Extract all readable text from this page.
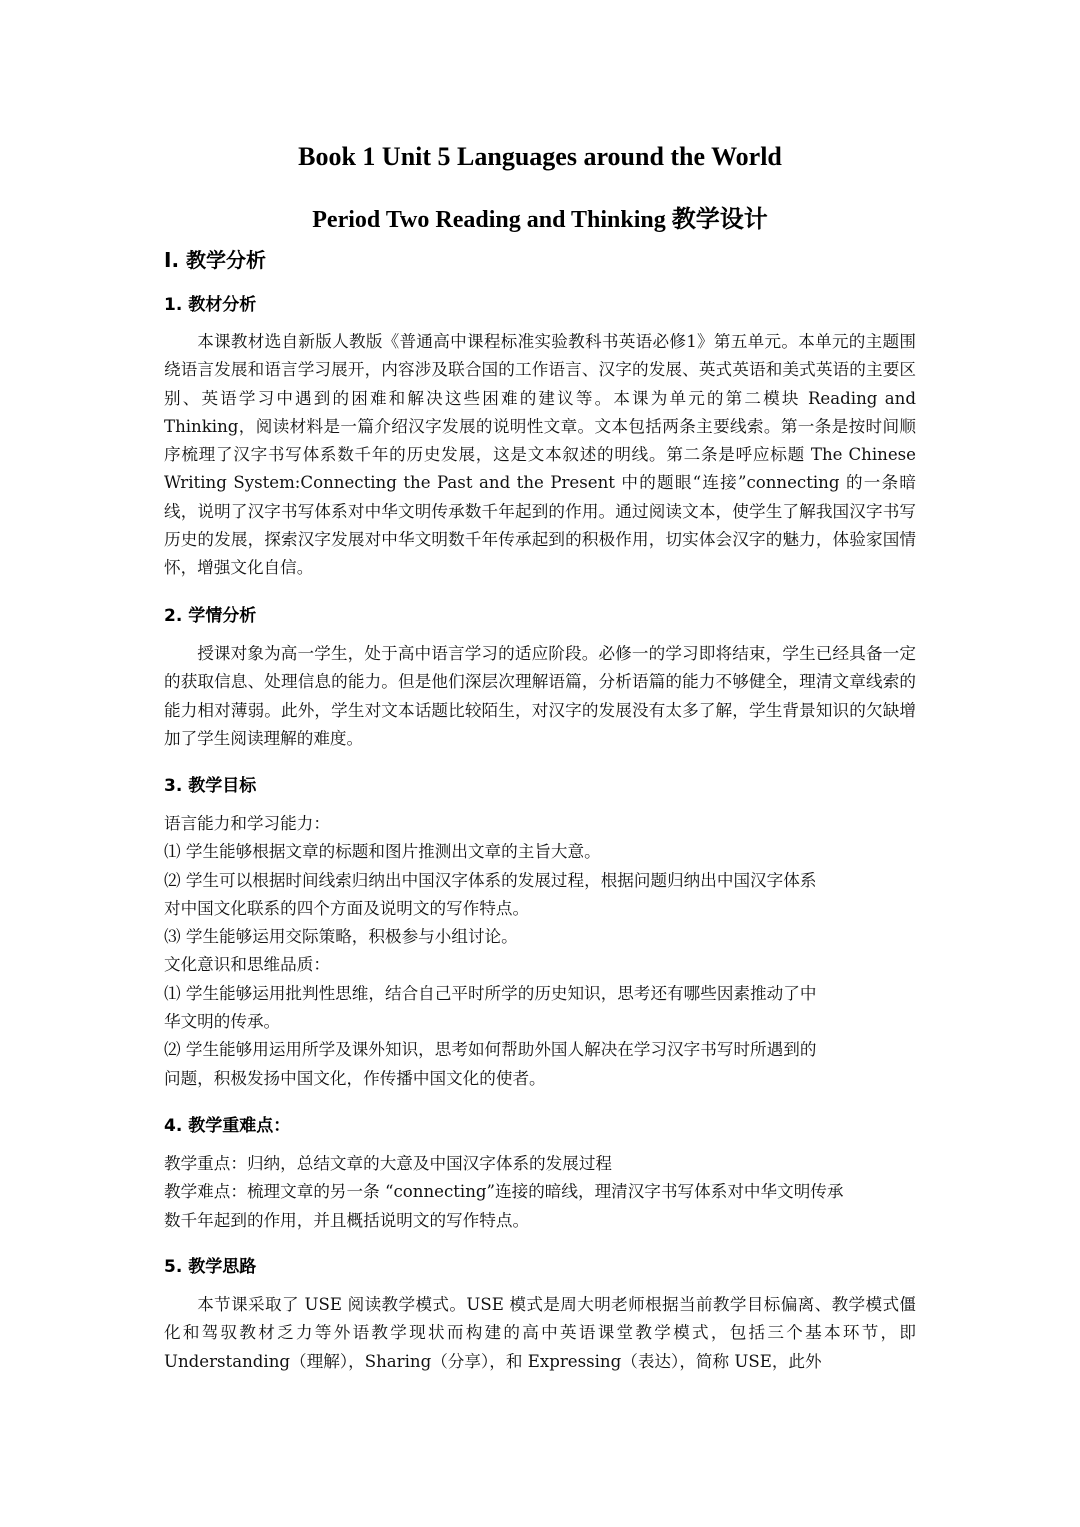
Book 1 Unit 5 Languages around the World
Period Two Reading and Thinking 教学设计
I. 教学分析
1. 教材分析

本课教材选自新版人教版《普通高中课程标准实验教科书英语必修1》第五单元。本单元的主题围绕语言发展和语言学习展开，内容涉及联合国的工作语言、汉字的发展、英式英语和美式英语的主要区别、英语学习中遇到的困难和解决这些困难的建议等。本课为单元的第二模块 Reading and Thinking，阅读材料是一篇介绍汉字发展的说明性文章。文本包括两条主要线索。第一条是按时间顺序梳理了汉字书写体系数千年的历史发展，这是文本叙述的明线。第二条是呼应标题 The Chinese Writing System:Connecting the Past and the Present 中的题眼“连接”connecting 的一条暗线，说明了汉字书写体系对中华文明传承数千年起到的作用。通过阅读文本，使学生了解我国汉字书写历史的发展，探索汉字发展对中华文明数千年传承起到的积极作用，切实体会汉字的魅力，体验家国情怀，增强文化自信。

2. 学情分析

授课对象为高一学生，处于高中语言学习的适应阶段。必修一的学习即将结束，学生已经具备一定的获取信息、处理信息的能力。但是他们深层次理解语篇，分析语篇的能力不够健全，理清文章线索的能力相对薄弱。此外，学生对文本话题比较陌生，对汉字的发展没有太多了解，学生背景知识的欠缺增加了学生阅读理解的难度。

3. 教学目标
语言能力和学习能力：
⑴ 学生能够根据文章的标题和图片推测出文章的主旨大意。
⑵ 学生可以根据时间线索归纳出中国汉字体系的发展过程，根据问题归纳出中国汉字体系
对中国文化联系的四个方面及说明文的写作特点。
⑶ 学生能够运用交际策略，积极参与小组讨论。
文化意识和思维品质：
⑴ 学生能够运用批判性思维，结合自己平时所学的历史知识，思考还有哪些因素推动了中
华文明的传承。
⑵ 学生能够用运用所学及课外知识，思考如何帮助外国人解决在学习汉字书写时所遇到的
问题，积极发扬中国文化，作传播中国文化的使者。
4. 教学重难点：
教学重点：归纳，总结文章的大意及中国汉字体系的发展过程
教学难点：梳理文章的另一条 “connecting”连接的暗线，理清汉字书写体系对中华文明传承
数千年起到的作用，并且概括说明文的写作特点。
5. 教学思路

本节课采取了 USE 阅读教学模式。USE 模式是周大明老师根据当前教学目标偏离、教学模式僵化和驾驭教材乏力等外语教学现状而构建的高中英语课堂教学模式，包括三个基本环节，即 Understanding（理解），Sharing（分享），和 Expressing（表达），简称 USE，此外
